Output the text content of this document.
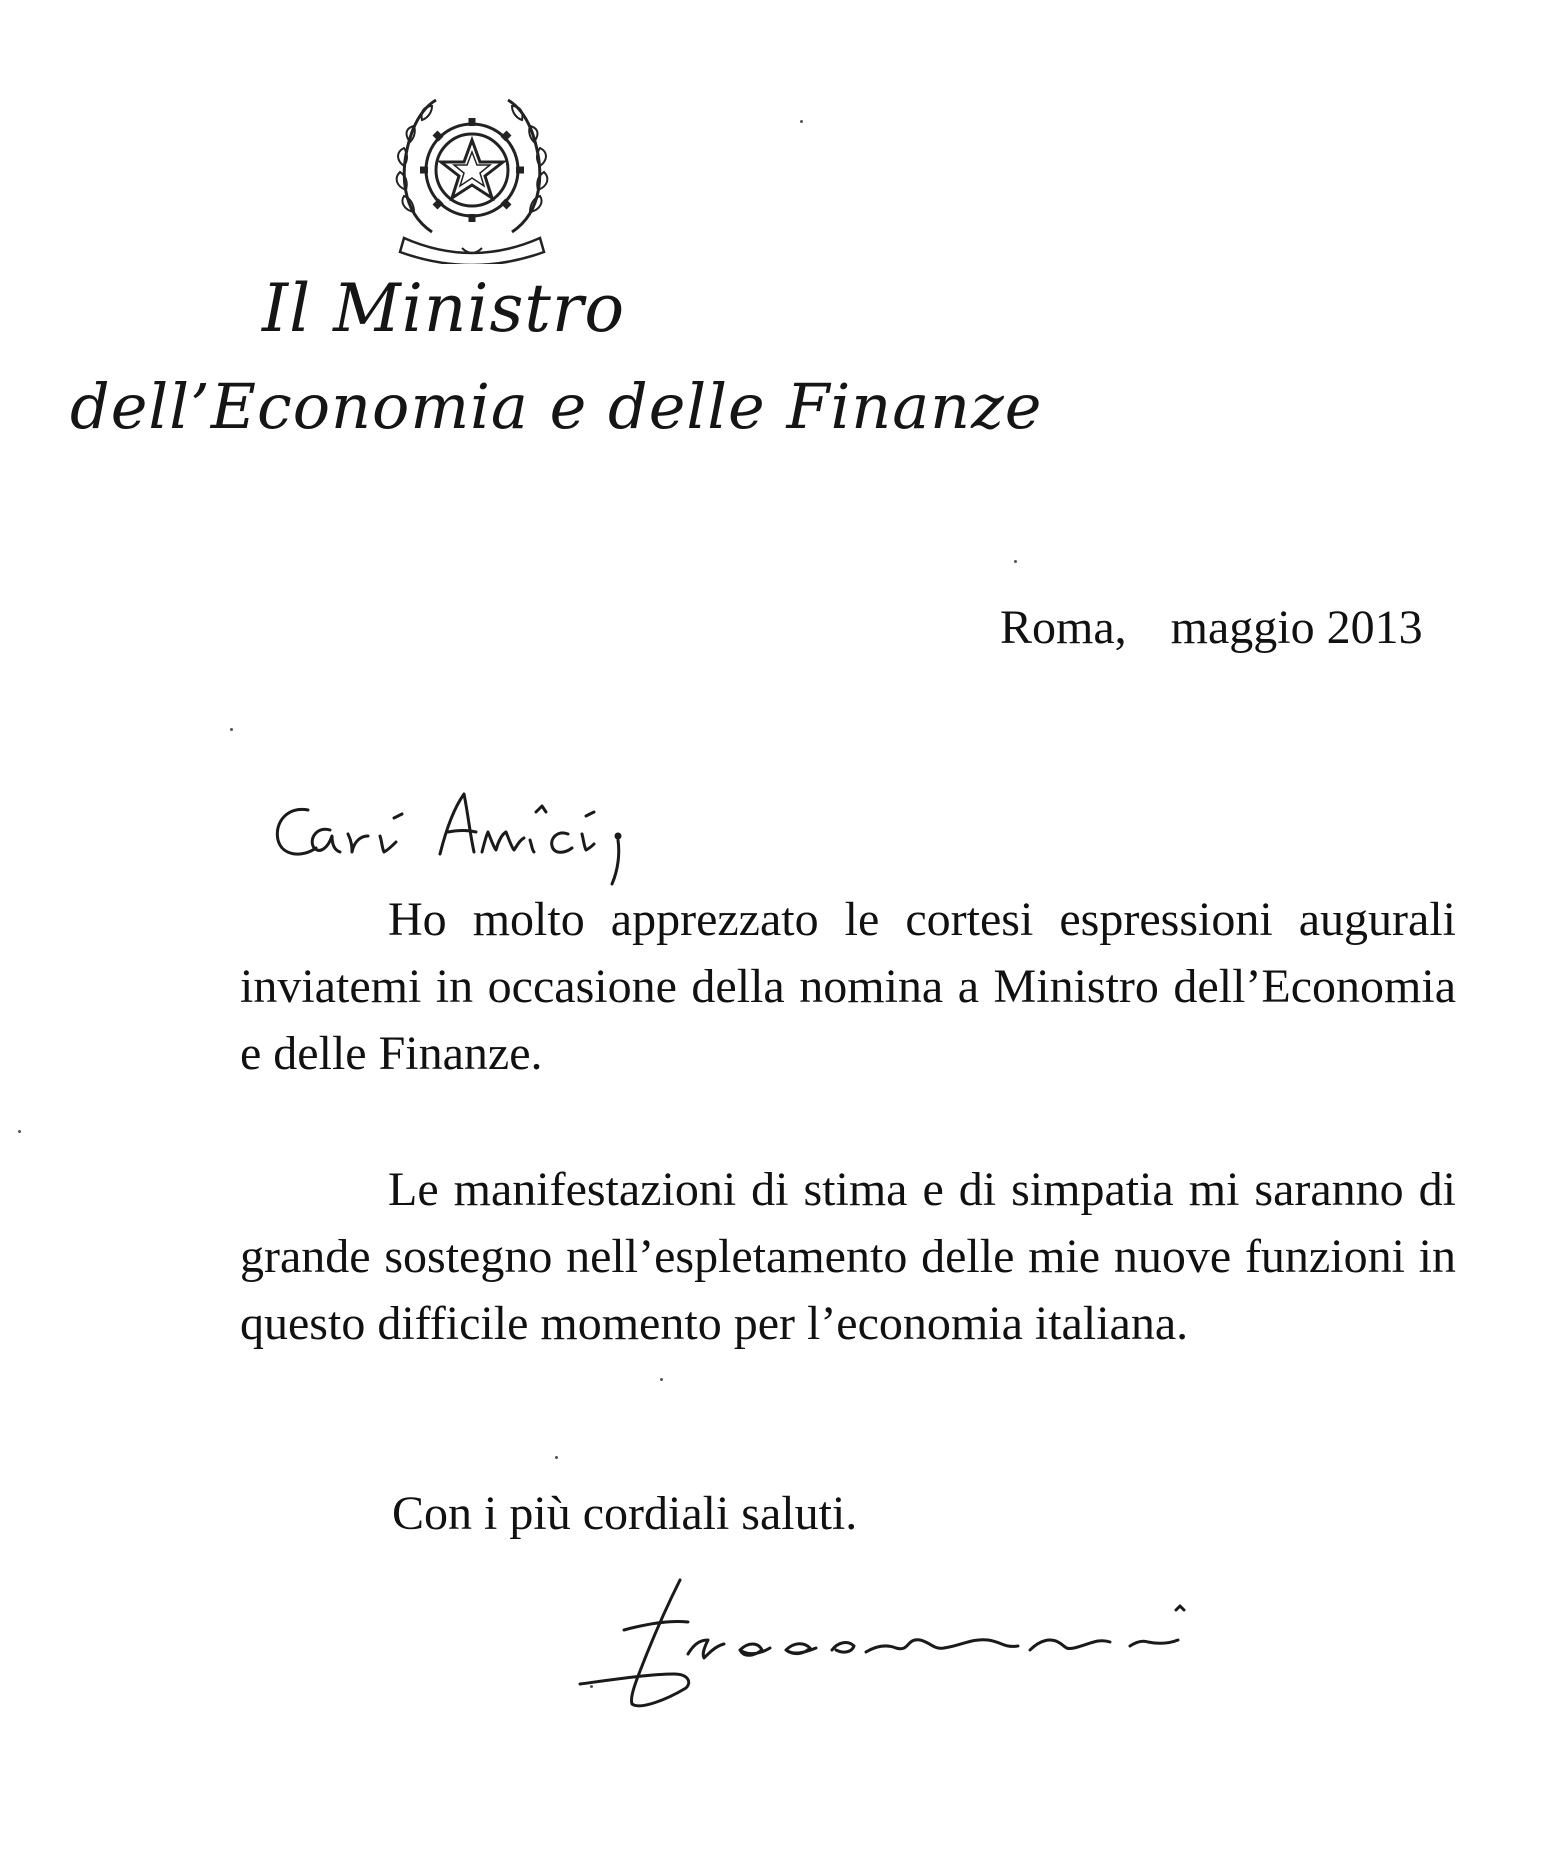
Il Ministro
dell’Economia e delle Finanze
Roma, maggio 2013

Ho molto apprezzato le cortesi espressioni augurali inviatemi in occasione della nomina a Ministro dell’Economia e delle Finanze.

Le manifestazioni di stima e di simpatia mi saranno di grande sostegno nell’espletamento delle mie nuove funzioni in questo difficile momento per l’economia italiana.

Con i più cordiali saluti.
